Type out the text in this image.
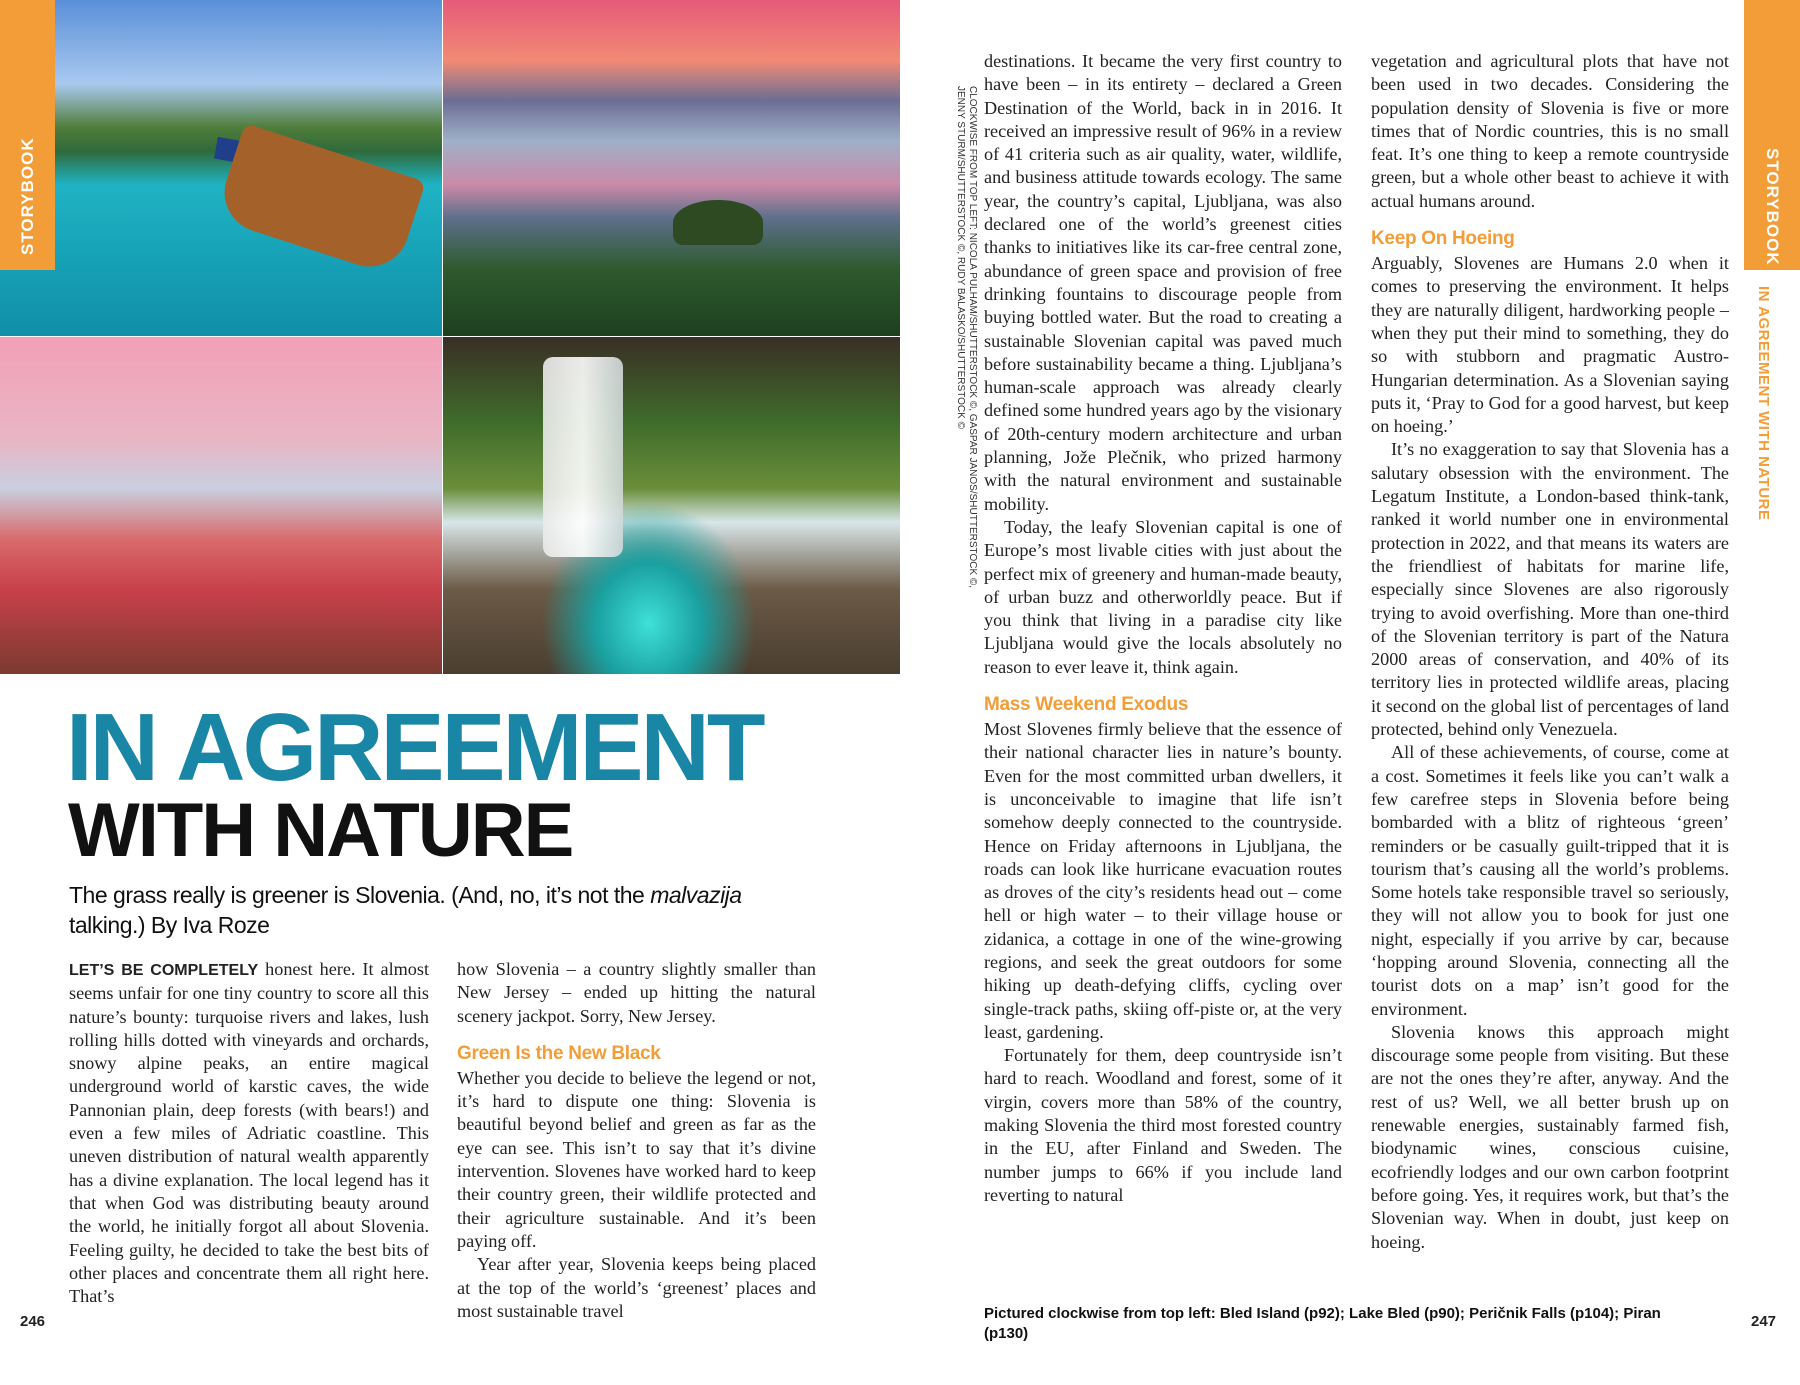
STORYBOOK	STORYBOOK
IN AGREEMENT WITH NATURE
CLOCKWISE FROM TOP LEFT: NICOLA PULHAM/SHUTTERSTOCK ©, GASPAR JANOS/SHUTTERSTOCK ©,
JENNY STURM/SHUTTERSTOCK ©, RUDY BALASKO/SHUTTERSTOCK ©
IN AGREEMENT
WITH NATURE
The grass really is greener is Slovenia. (And, no, it’s not the malvazija talking.) By Iva Roze

LET’S BE COMPLETELY honest here. It almost seems unfair for one tiny country to score all this nature’s bounty: turquoise rivers and lakes, lush rolling hills dotted with vineyards and orchards, snowy alpine peaks, an entire magical underground world of karstic caves, the wide Pannonian plain, deep forests (with bears!) and even a few miles of Adriatic coastline. This uneven distribution of natural wealth apparently has a divine explanation. The local legend has it that when God was distributing beauty around the world, he initially forgot all about Slovenia. Feeling guilty, he decided to take the best bits of other places and concentrate them all right here. That’s

how Slovenia – a country slightly smaller than New Jersey – ended up hitting the natural scenery jackpot. Sorry, New Jersey.

Green Is the New Black

Whether you decide to believe the legend or not, it’s hard to dispute one thing: Slovenia is beautiful beyond belief and green as far as the eye can see. This isn’t to say that it’s divine intervention. Slovenes have worked hard to keep their country green, their wildlife protected and their agriculture sustainable. And it’s been paying off.

Year after year, Slovenia keeps being placed at the top of the world’s ‘greenest’ places and most sustainable travel

destinations. It became the very first country to have been – in its entirety – declared a Green Destination of the World, back in in 2016. It received an impressive result of 96% in a review of 41 criteria such as air quality, water, wildlife, and business attitude towards ecology. The same year, the country’s capital, Ljubljana, was also declared one of the world’s greenest cities thanks to initiatives like its car-free central zone, abundance of green space and provision of free drinking fountains to discourage people from buying bottled water. But the road to creating a sustainable Slovenian capital was paved much before sustainability became a thing. Ljubljana’s human-scale approach was already clearly defined some hundred years ago by the visionary of 20th-century modern architecture and urban planning, Jože Plečnik, who prized harmony with the natural environment and sustainable mobility.

Today, the leafy Slovenian capital is one of Europe’s most livable cities with just about the perfect mix of greenery and human-made beauty, of urban buzz and otherworldly peace. But if you think that living in a paradise city like Ljubljana would give the locals absolutely no reason to ever leave it, think again.

Mass Weekend Exodus

Most Slovenes firmly believe that the essence of their national character lies in nature’s bounty. Even for the most committed urban dwellers, it is unconceivable to imagine that life isn’t somehow deeply connected to the countryside. Hence on Friday afternoons in Ljubljana, the roads can look like hurricane evacuation routes as droves of the city’s residents head out – come hell or high water – to their village house or zidanica, a cottage in one of the wine-growing regions, and seek the great outdoors for some hiking up death-defying cliffs, cycling over single-track paths, skiing off-piste or, at the very least, gardening.

Fortunately for them, deep countryside isn’t hard to reach. Woodland and forest, some of it virgin, covers more than 58% of the country, making Slovenia the third most forested country in the EU, after Finland and Sweden. The number jumps to 66% if you include land reverting to natural

vegetation and agricultural plots that have not been used in two decades. Considering the population density of Slovenia is five or more times that of Nordic countries, this is no small feat. It’s one thing to keep a remote countryside green, but a whole other beast to achieve it with actual humans around.

Keep On Hoeing

Arguably, Slovenes are Humans 2.0 when it comes to preserving the environment. It helps they are naturally diligent, hardworking people – when they put their mind to something, they do so with stubborn and pragmatic Austro-Hungarian determination. As a Slovenian saying puts it, ‘Pray to God for a good harvest, but keep on hoeing.’

It’s no exaggeration to say that Slovenia has a salutary obsession with the environment. The Legatum Institute, a London-based think-tank, ranked it world number one in environmental protection in 2022, and that means its waters are the friendliest of habitats for marine life, especially since Slovenes are also rigorously trying to avoid overfishing. More than one-third of the Slovenian territory is part of the Natura 2000 areas of conservation, and 40% of its territory lies in protected wildlife areas, placing it second on the global list of percentages of land protected, behind only Venezuela.

All of these achievements, of course, come at a cost. Sometimes it feels like you can’t walk a few carefree steps in Slovenia before being bombarded with a blitz of righteous ‘green’ reminders or be casually guilt-tripped that it is tourism that’s causing all the world’s problems. Some hotels take responsible travel so seriously, they will not allow you to book for just one night, especially if you arrive by car, because ‘hopping around Slovenia, connecting all the tourist dots on a map’ isn’t good for the environment.

Slovenia knows this approach might discourage some people from visiting. But these are not the ones they’re after, anyway. And the rest of us? Well, we all better brush up on renewable energies, sustainably farmed fish, biodynamic wines, conscious cuisine, ecofriendly lodges and our own carbon footprint before going. Yes, it requires work, but that’s the Slovenian way. When in doubt, just keep on hoeing.

Pictured clockwise from top left: Bled Island (p92); Lake Bled (p90); Peričnik Falls (p104); Piran (p130)
246	247
